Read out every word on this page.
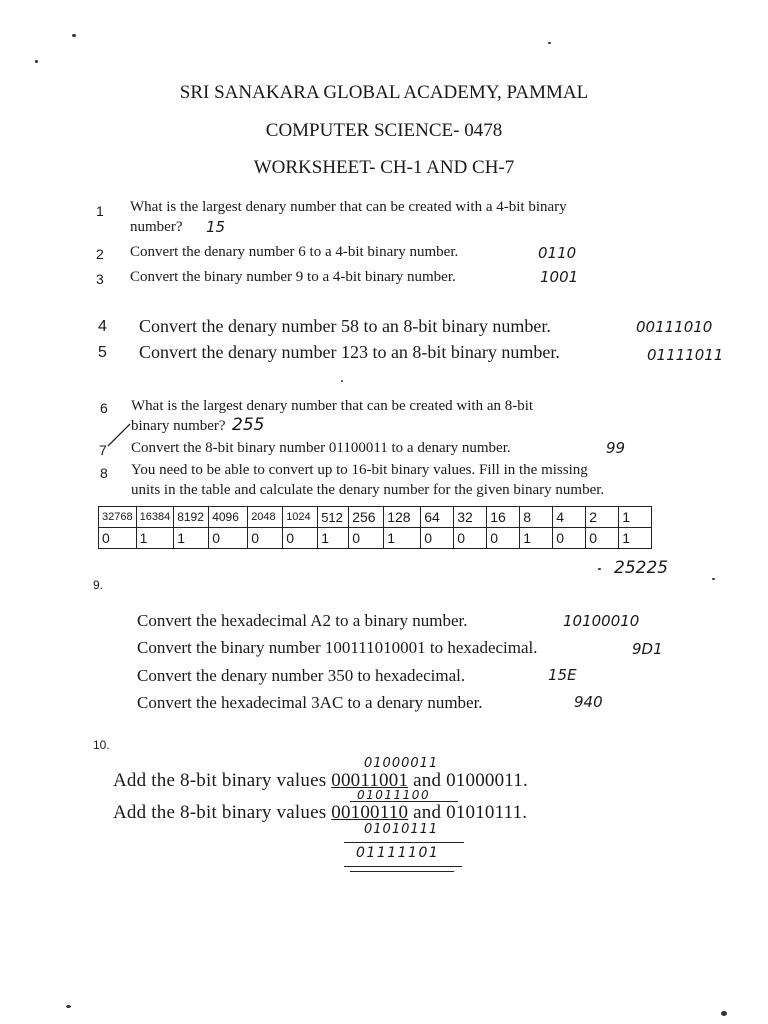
SRI SANAKARA GLOBAL ACADEMY, PAMMAL
COMPUTER SCIENCE- 0478
WORKSHEET- CH-1 AND CH-7
1 What is the largest denary number that can be created with a 4-bit binary
number? 15
2 Convert the denary number 6 to a 4-bit binary number.	0110
3 Convert the binary number 9 to a 4-bit binary number.	1001
4 Convert the denary number 58 to an 8-bit binary number.	00111010
5 Convert the denary number 123 to an 8-bit binary number.	01111011
6 What is the largest denary number that can be created with an 8-bit
binary number? 255
7 Convert the 8-bit binary number 01100011 to a denary number.	99
8 You need to be able to convert up to 16-bit binary values. Fill in the missing
units in the table and calculate the denary number for the given binary number.
32768	16384	8192	4096	2048	1024	512	256	128	64	32	16	8	4	2	1
0	1	1	0	0	0	1	0	1	0	0	0	1	0	0	1
25225
9.
Convert the hexadecimal A2 to a binary number.	10100010
Convert the binary number 100111010001 to hexadecimal.	9D1
Convert the denary number 350 to hexadecimal.	15E
Convert the hexadecimal 3AC to a denary number.	940
10.
01000011
Add the 8-bit binary values 00011001 and 01000011.
01011100
Add the 8-bit binary values 00100110 and 01010111.
01010111
01111101
